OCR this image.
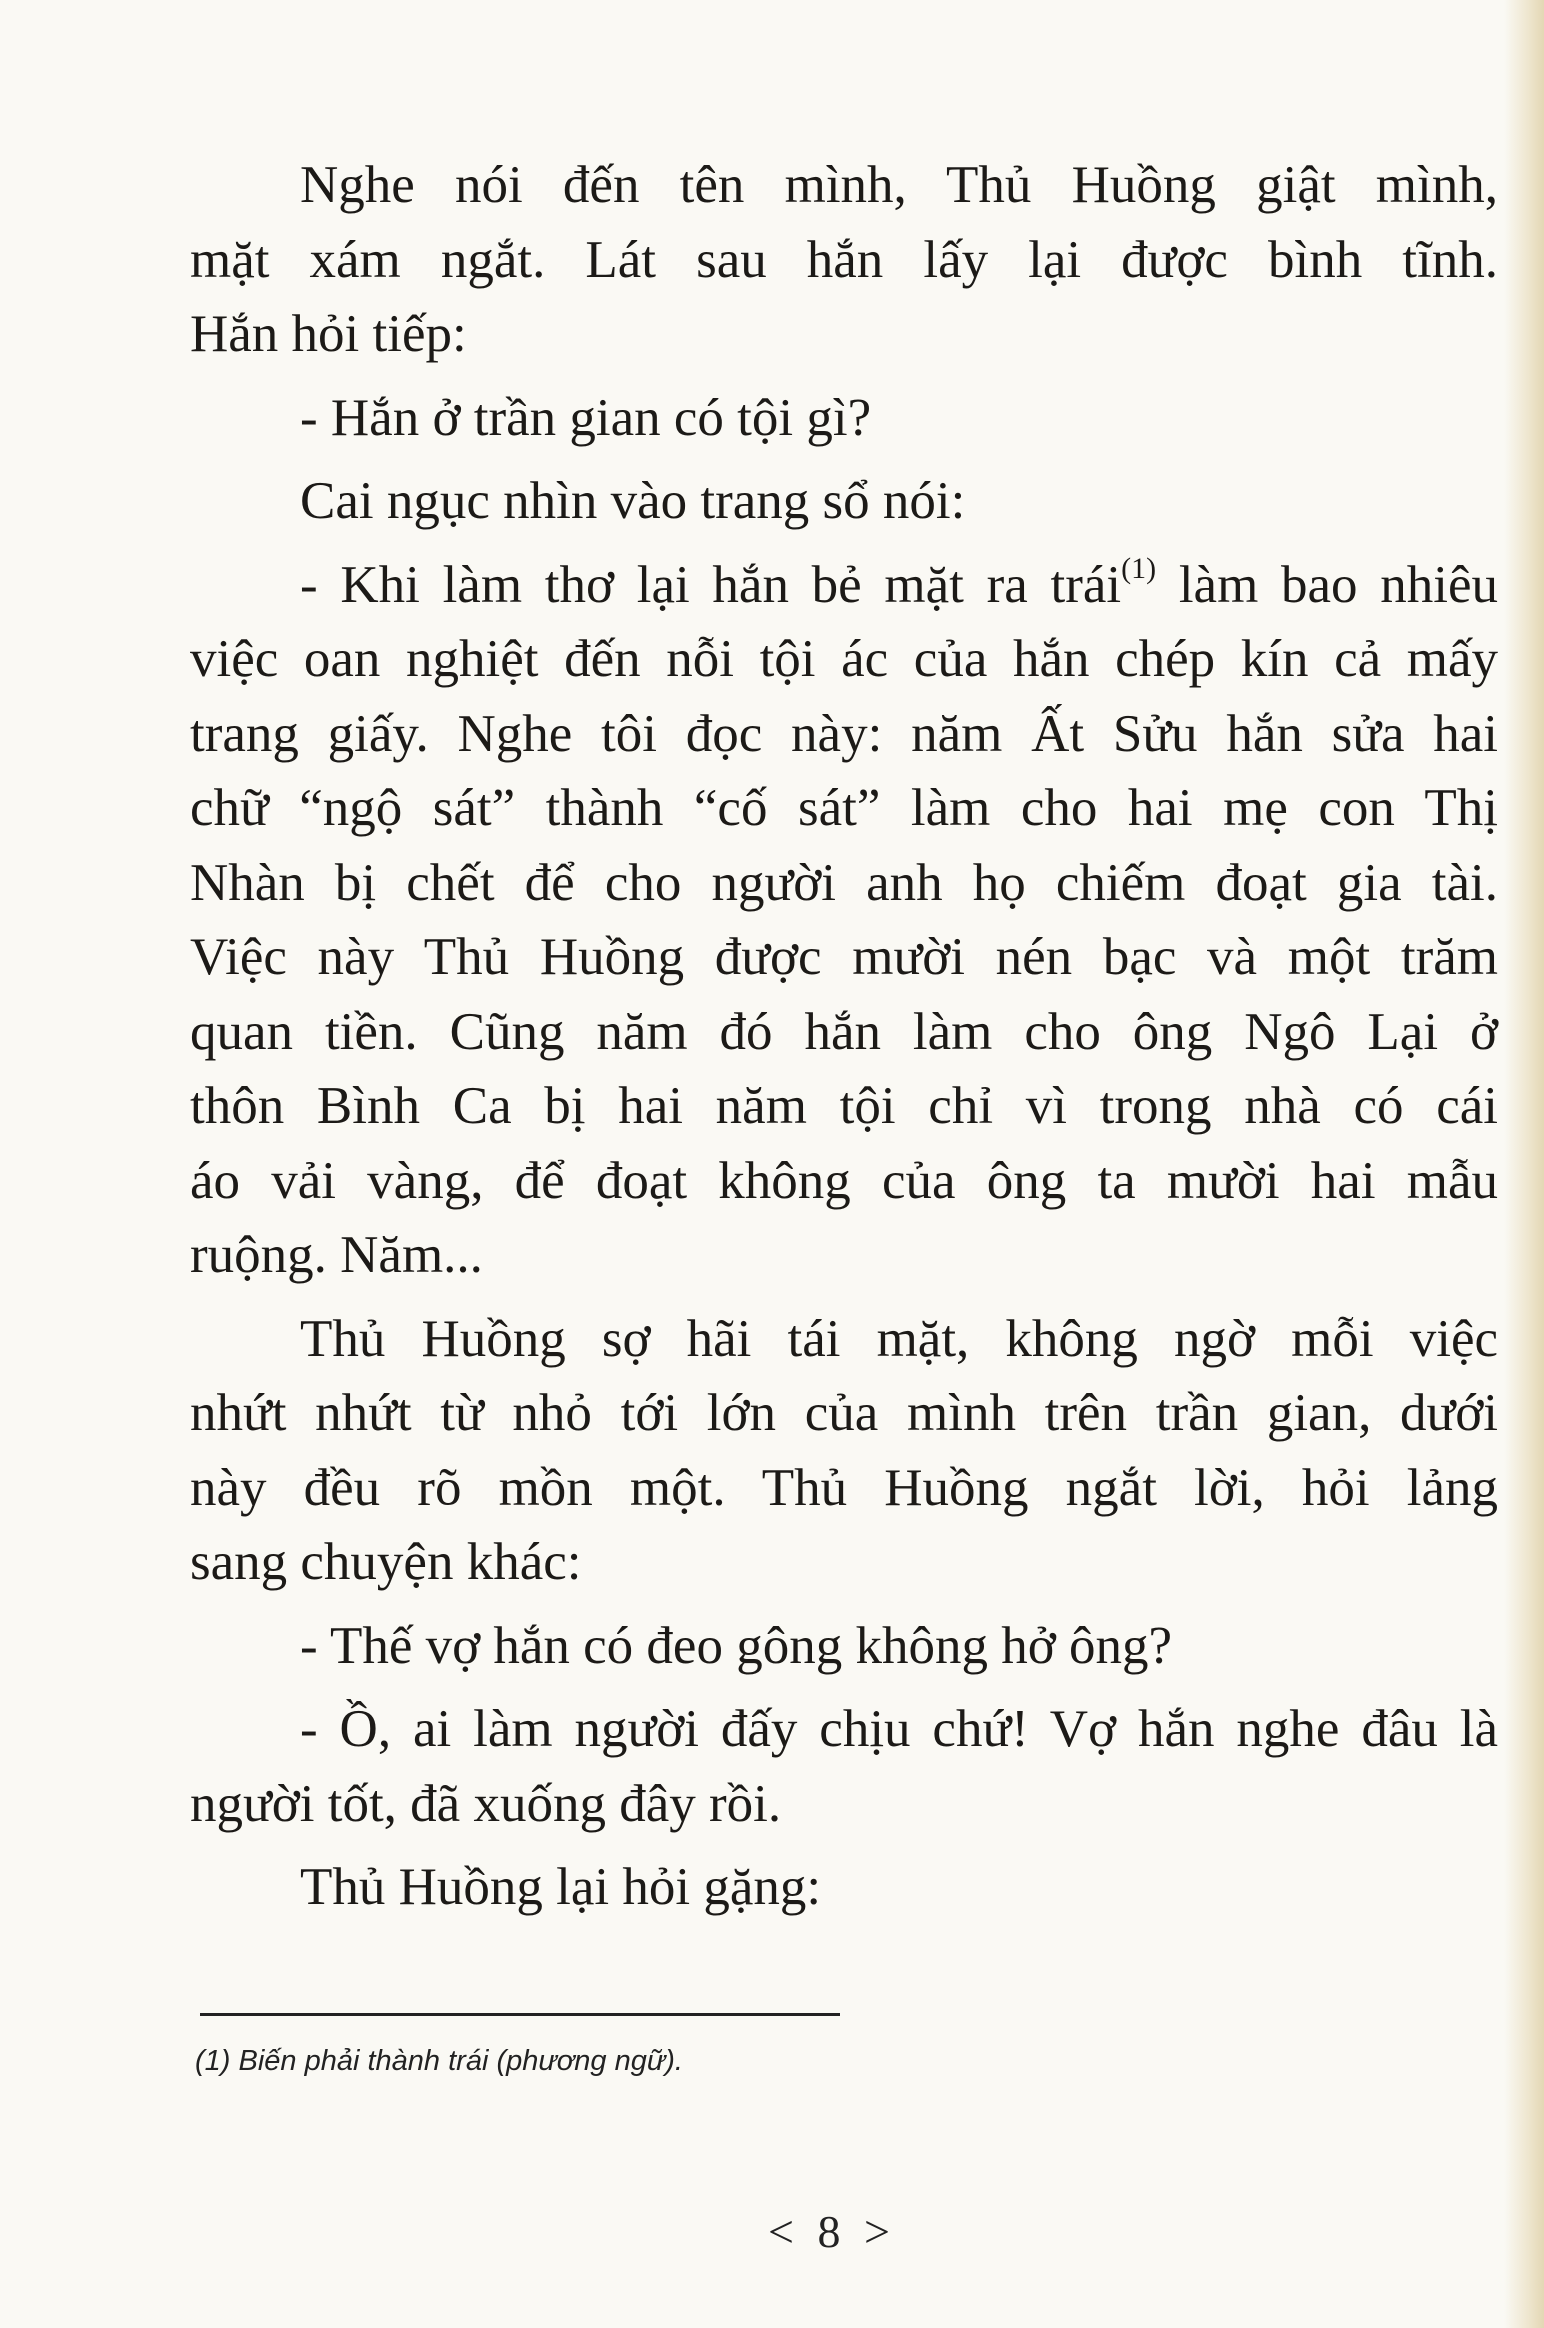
Nghe nói đến tên mình, Thủ Huồng giật mình,
mặt xám ngắt. Lát sau hắn lấy lại được bình tĩnh.
Hắn hỏi tiếp:

- Hắn ở trần gian có tội gì?

Cai ngục nhìn vào trang sổ nói:

- Khi làm thơ lại hắn bẻ mặt ra trái$^{(1)}$ làm bao nhiêu
việc oan nghiệt đến nỗi tội ác của hắn chép kín cả mấy
trang giấy. Nghe tôi đọc này: năm Ất Sửu hắn sửa hai
chữ “ngộ sát” thành “cố sát” làm cho hai mẹ con Thị
Nhàn bị chết để cho người anh họ chiếm đoạt gia tài.
Việc này Thủ Huồng được mười nén bạc và một trăm
quan tiền. Cũng năm đó hắn làm cho ông Ngô Lại ở
thôn Bình Ca bị hai năm tội chỉ vì trong nhà có cái
áo vải vàng, để đoạt không của ông ta mười hai mẫu
ruộng. Năm...

Thủ Huồng sợ hãi tái mặt, không ngờ mỗi việc
nhứt nhứt từ nhỏ tới lớn của mình trên trần gian, dưới
này đều rõ mồn một. Thủ Huồng ngắt lời, hỏi lảng
sang chuyện khác:

- Thế vợ hắn có đeo gông không hở ông?

- Ồ, ai làm người đấy chịu chứ! Vợ hắn nghe đâu là
người tốt, đã xuống đây rồi.

Thủ Huồng lại hỏi gặng:

(1) Biến phải thành trái (phương ngữ).
< 8 >
